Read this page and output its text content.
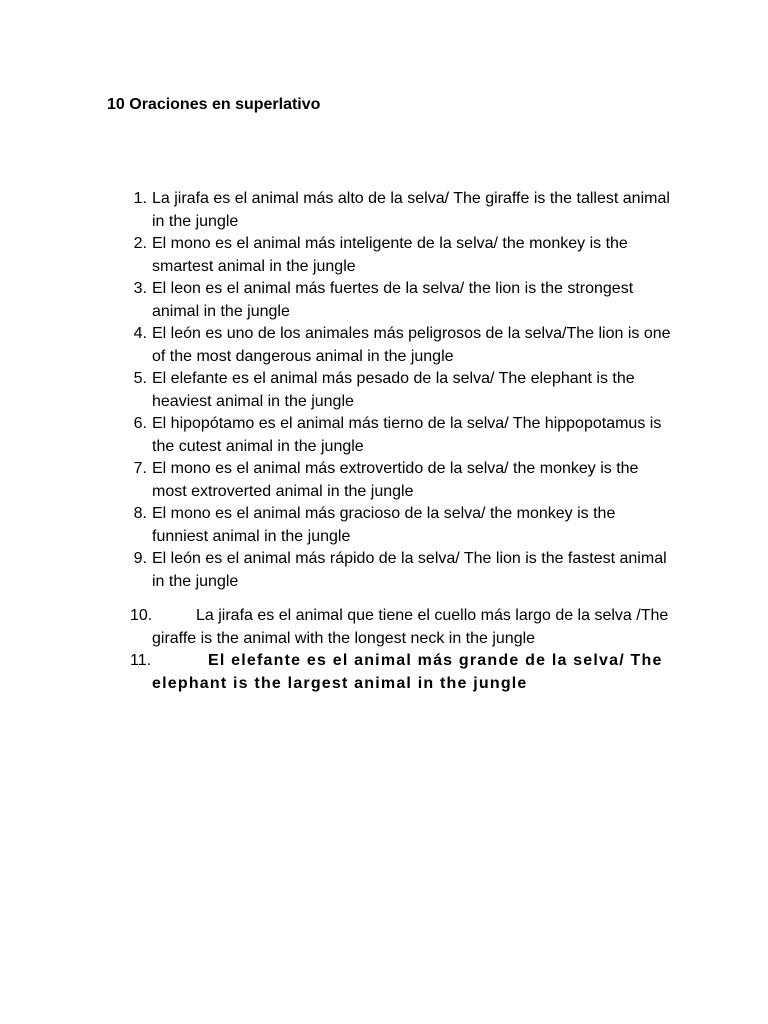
10 Oraciones en superlativo
1. La jirafa es el animal más alto de la selva/ The giraffe is the tallest animal in the jungle
2. El mono es el animal más inteligente de la selva/ the monkey is the smartest animal in the jungle
3. El leon es el animal más fuertes de la selva/ the lion is the strongest animal in the jungle
4. El león es uno de los animales más peligrosos de la selva/The lion is one of the most dangerous animal in the jungle
5. El elefante es el animal más pesado de la selva/ The elephant is the heaviest animal in the jungle
6. El hipopótamo es el animal más tierno de la selva/ The hippopotamus is the cutest animal in the jungle
7. El mono es el animal más extrovertido de la selva/ the monkey is the most extroverted animal in the jungle
8. El mono es el animal más gracioso de la selva/ the monkey is the funniest animal in the jungle
9. El león es el animal más rápido de la selva/ The lion is the fastest animal in the jungle
10.	La jirafa es el animal que tiene el cuello más largo de la selva /The giraffe is the animal with the longest neck in the jungle
11.	El elefante es el animal más grande de la selva/ The elephant is the largest animal in the jungle
